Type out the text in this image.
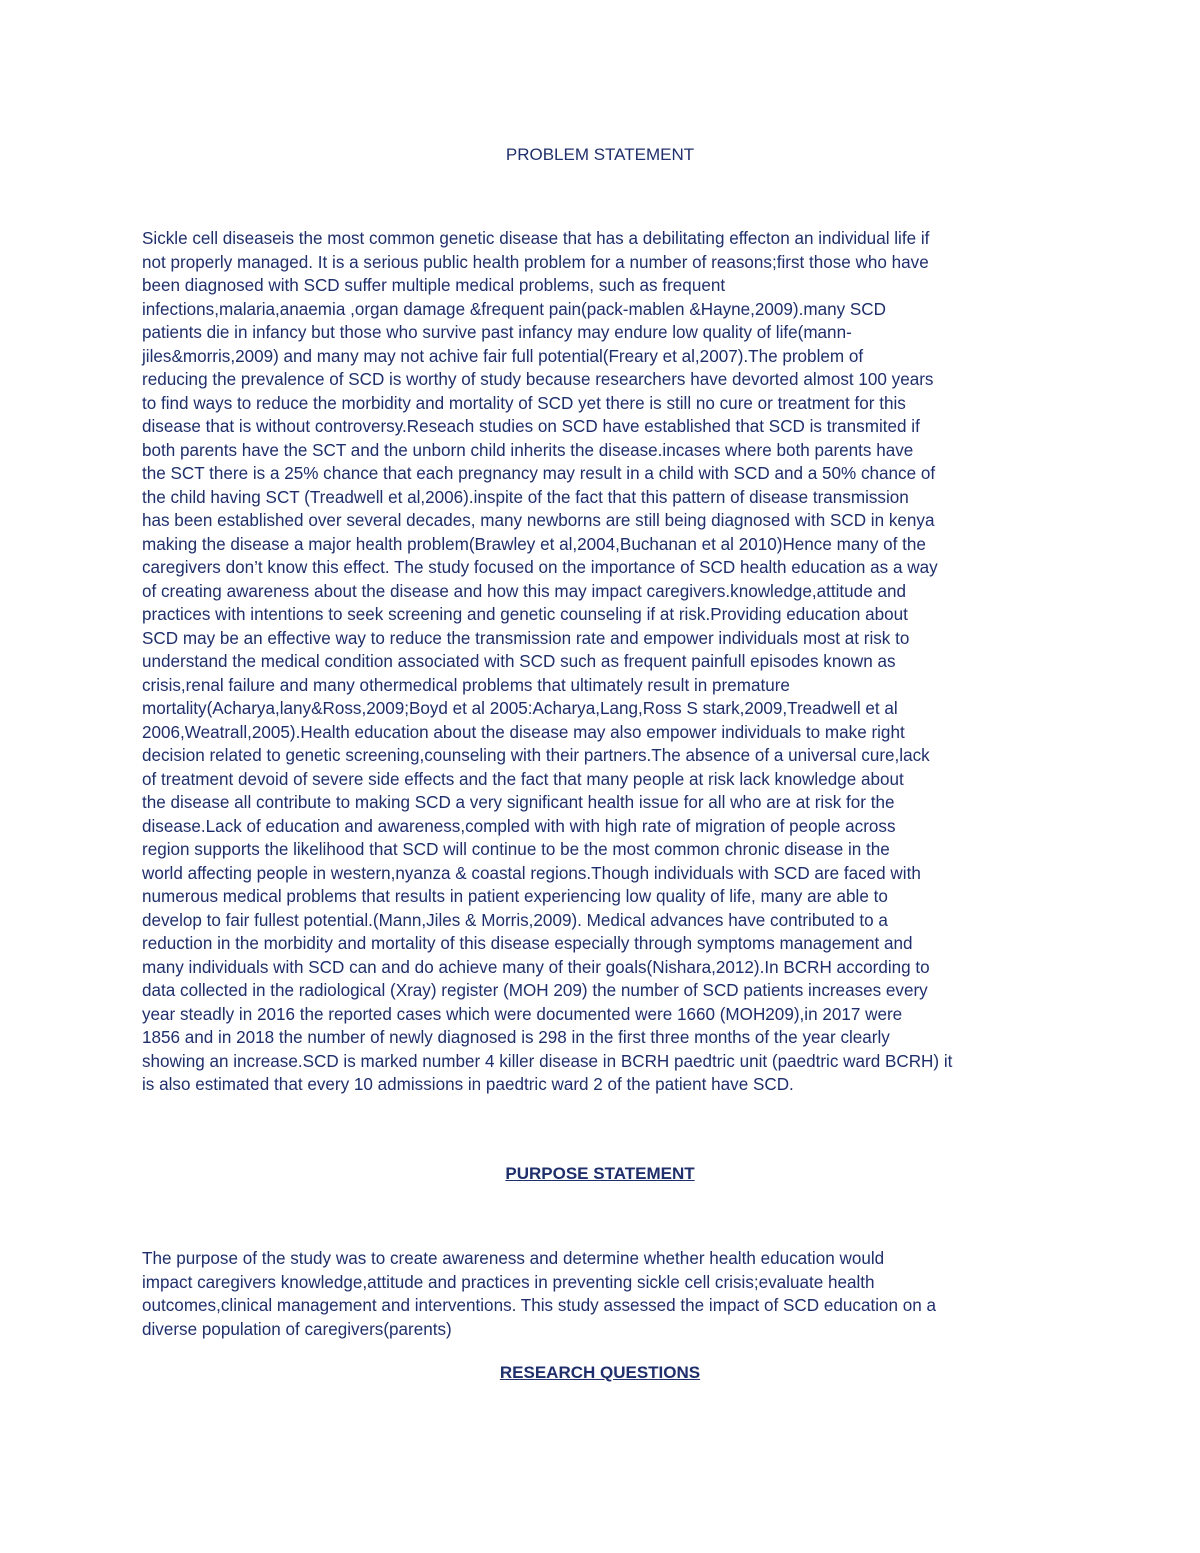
PROBLEM STATEMENT
Sickle cell diseaseis the most common genetic disease that has a debilitating effecton an individual life if
not properly managed. It is a serious public health problem for a number of reasons;first those who have
been diagnosed with SCD suffer multiple medical problems, such as frequent
infections,malaria,anaemia ,organ damage &frequent pain(pack-mablen &Hayne,2009).many SCD
patients die in infancy but those who survive past infancy may endure low quality of life(mann-
jiles&morris,2009) and many may not achive fair full potential(Freary et al,2007).The problem of
reducing the prevalence of SCD is worthy of study because researchers have devorted almost 100 years
to find ways to reduce the morbidity and mortality of SCD yet there is still no cure or treatment for this
disease that is without controversy.Reseach studies on SCD have established that SCD is transmited if
both parents have the SCT and the unborn child inherits the disease.incases where both parents have
the SCT there is a 25% chance that each pregnancy may result in a child with SCD and a 50% chance of
the child having SCT (Treadwell et al,2006).inspite of the fact that this pattern of disease transmission
has been established over several decades, many newborns are still being diagnosed with SCD in kenya
making the disease a major health problem(Brawley et al,2004,Buchanan et al 2010)Hence many of the
caregivers don’t know this effect. The study focused on the importance of SCD health education as a way
of creating awareness about the disease and how this may impact caregivers.knowledge,attitude and
practices with intentions to seek screening and genetic counseling if at risk.Providing education about
SCD may be an effective way to reduce the transmission rate and empower individuals most at risk to
understand the medical condition associated with SCD such as frequent painfull episodes known as
crisis,renal failure and many othermedical problems that ultimately result in premature
mortality(Acharya,lany&Ross,2009;Boyd et al 2005:Acharya,Lang,Ross S stark,2009,Treadwell et al
2006,Weatrall,2005).Health education about the disease may also empower individuals to make right
decision related to genetic screening,counseling with their partners.The absence of a universal cure,lack
of treatment devoid of severe side effects and the fact that many people at risk lack knowledge about
the disease all contribute to making SCD a very significant health issue for all who are at risk for the
disease.Lack of education and awareness,compled with with high rate of migration of people across
region supports the likelihood that SCD will continue to be the most common chronic disease in the
world affecting people in western,nyanza & coastal regions.Though individuals with SCD are faced with
numerous medical problems that results in patient experiencing low quality of life, many are able to
develop to fair fullest potential.(Mann,Jiles & Morris,2009). Medical advances have contributed to a
reduction in the morbidity and mortality of this disease especially through symptoms management and
many individuals with SCD can and do achieve many of their goals(Nishara,2012).In BCRH according to
data collected in the radiological (Xray) register (MOH 209) the number of SCD patients increases every
year steadly in 2016 the reported cases which were documented were 1660 (MOH209),in 2017 were
1856 and in 2018 the number of newly diagnosed is 298 in the first three months of the year clearly
showing an increase.SCD is marked number 4 killer disease in BCRH paedtric unit (paedtric ward BCRH) it
is also estimated that every 10 admissions in paedtric ward 2 of the patient have SCD.
PURPOSE STATEMENT
The purpose of the study was to create awareness and determine whether health education would
impact caregivers knowledge,attitude and practices in preventing sickle cell crisis;evaluate health
outcomes,clinical management and interventions. This study assessed the impact of SCD education on a
diverse population of caregivers(parents)
RESEARCH QUESTIONS
